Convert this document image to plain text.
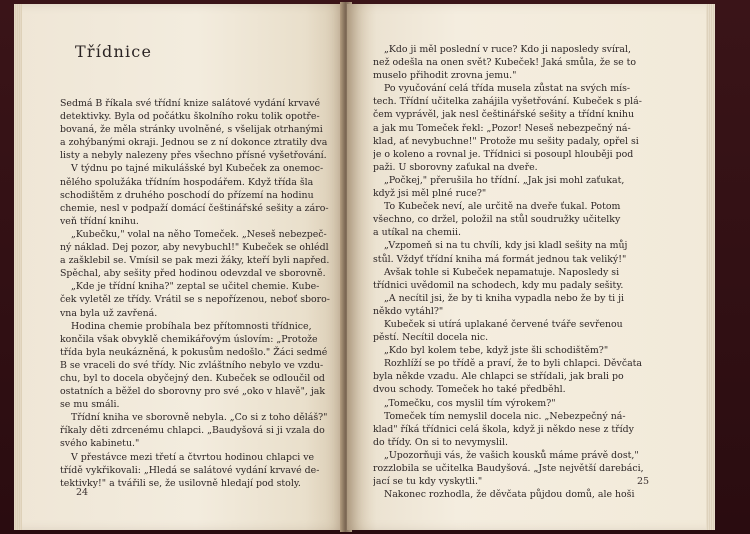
Třídnice
Sedmá B říkala své třídní knize salátové vydání krvavé
detektivky. Byla od počátku školního roku tolik opotře-
bovaná, že měla stránky uvolněné, s všelijak otrhanými
a zohýbanými okraji. Jednou se z ní dokonce ztratily dva
listy a nebyly nalezeny přes všechno přísné vyšetřování.
V týdnu po tajné mikulášské byl Kubeček za onemoc-
nělého spolužáka třídním hospodářem. Když třída šla
schodištěm z druhého poschodí do přízemí na hodinu
chemie, nesl v podpaží domácí češtinářské sešity a záro-
veň třídní knihu.
„Kubečku," volal na něho Tomeček. „Neseš nebezpeč-
ný náklad. Dej pozor, aby nevybuchl!" Kubeček se ohlédl
a zašklebil se. Vmísil se pak mezi žáky, kteří byli napřed.
Spěchal, aby sešity před hodinou odevzdal ve sborovně.
„Kde je třídní kniha?" zeptal se učitel chemie. Kube-
ček vyletěl ze třídy. Vrátil se s nepořízenou, neboť sboro-
vna byla už zavřená.
Hodina chemie probíhala bez přítomnosti třídnice,
končila však obvyklě chemikářovým úslovím: „Protože
třída byla neukázněná, k pokusům nedošlo." Žáci sedmé
B se vraceli do své třídy. Nic zvláštního nebylo ve vzdu-
chu, byl to docela obyčejný den. Kubeček se odloučil od
ostatních a běžel do sborovny pro své „oko v hlavě", jak
se mu smáli.
Třídní kniha ve sborovně nebyla. „Co si z toho děláš?"
říkaly děti zdrcenému chlapci. „Baudyšová si ji vzala do
svého kabinetu."
V přestávce mezi třetí a čtvrtou hodinou chlapci ve
třídě vykřikovali: „Hledá se salátové vydání krvavé de-
tektivky!" a tvářili se, že usilovně hledají pod stoly.

24

„Kdo ji měl poslední v ruce? Kdo ji naposledy svíral,
než odešla na onen svět? Kubeček! Jaká smůla, že se to
muselo přihodit zrovna jemu."
Po vyučování celá třída musela zůstat na svých mís-
tech. Třídní učitelka zahájila vyšetřování. Kubeček s plá-
čem vyprávěl, jak nesl češtinářské sešity a třídní knihu
a jak mu Tomeček řekl: „Pozor! Neseš nebezpečný ná-
klad, ať nevybuchne!" Protože mu sešity padaly, opřel si
je o koleno a rovnal je. Třídnici si posoupl hlouběji pod
paži. U sborovny zaťukal na dveře.
„Počkej," přerušila ho třídní. „Jak jsi mohl zaťukat,
když jsi měl plné ruce?"
To Kubeček neví, ale určitě na dveře ťukal. Potom
všechno, co držel, položil na stůl soudružky učitelky
a utíkal na chemii.
„Vzpomeň si na tu chvíli, kdy jsi kladl sešity na můj
stůl. Vždyť třídní kniha má formát jednou tak veliký!"
Avšak tohle si Kubeček nepamatuje. Naposledy si
třídnici uvědomil na schodech, kdy mu padaly sešity.
„A necítil jsi, že by ti kniha vypadla nebo že by ti ji
někdo vytáhl?"
Kubeček si utírá uplakané červené tváře sevřenou
pěstí. Necítil docela nic.
„Kdo byl kolem tebe, když jste šli schodištěm?"
Rozhlíží se po třídě a praví, že to byli chlapci. Děvčata
byla někde vzadu. Ale chlapci se střídali, jak brali po
dvou schody. Tomeček ho také předběhl.
„Tomečku, cos myslil tím výrokem?"
Tomeček tím nemyslil docela nic. „Nebezpečný ná-
klad" říká třídnici celá škola, když ji někdo nese z třídy
do třídy. On si to nevymyslil.
„Upozorňuji vás, že vašich kousků máme právě dost,"
rozzlobila se učitelka Baudyšová. „Jste největší darebáci,
jací se tu kdy vyskytli."
Nakonec rozhodla, že děvčata půjdou domů, ale hoši

25
